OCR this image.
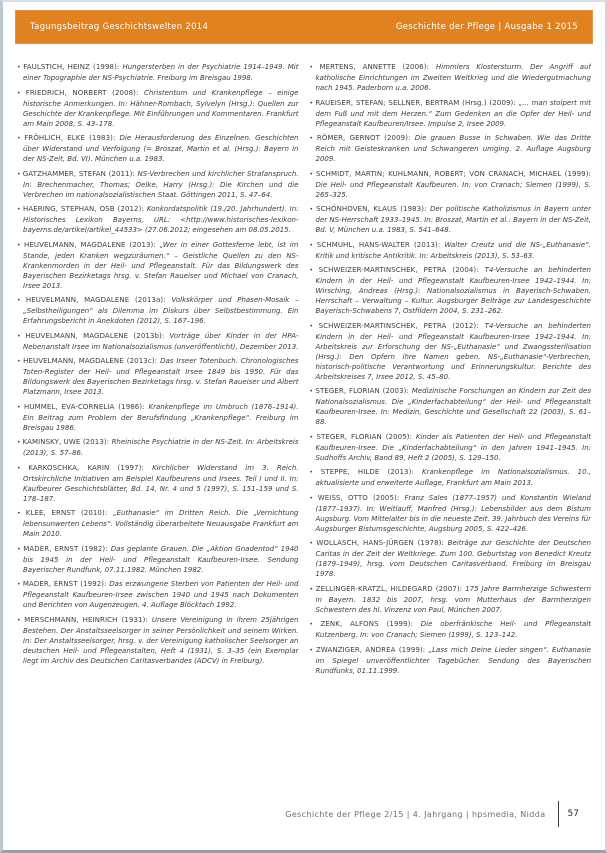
Tagungsbeitrag Geschichtswelten 2014	Geschichte der Pflege | Ausgabe 1 2015
• FAULSTICH, HEINZ (1998): Hungersterben in der Psychiatrie 1914–1949. Mit einer Topographie der NS-Psychiatrie. Freiburg im Breisgau 1998.
• FRIEDRICH, NORBERT (2008): Christentum und Krankenpflege – einige historische Anmerkungen. In: Hähner-Rombach, Sylvelyn (Hrsg.): Quellen zur Geschichte der Krankenpflege. Mit Einführungen und Kommentaren. Frankfurt am Main 2008, S. 43–178.
• FRÖHLICH, ELKE (1983): Die Herausforderung des Einzelnen. Geschichten über Widerstand und Verfolgung (= Broszat, Martin et al. (Hrsg.): Bayern in der NS-Zeit, Bd. VI). München u.a. 1983.
• GATZHAMMER, STEFAN (2011): NS-Verbrechen und kirchlicher Strafanspruch. In: Brechenmacher, Thomas; Oelke, Harry (Hrsg.): Die Kirchen und die Verbrechen im nationalsozialistischen Staat. Göttingen 2011, S. 47–64.
• HAERING, STEPHAN, OSB (2012): Konkordatspolitik (19./20. Jahrhundert). In: Historisches Lexikon Bayerns, URL: <http://www.historisches-lexikon-bayerns.de/artikel/artikel_44533> (27.06.2012; eingesehen am 08.05.2015.
• HEUVELMANN, MAGDALENE (2013): „Wer in einer Gottesferne lebt, ist im Stande, jeden Kranken wegzuräumen.“ – Geistliche Quellen zu den NS-Krankenmorden in der Heil- und Pflegeanstalt. Für das Bildungswerk des Bayerischen Bezirketags hrsg. v. Stefan Raueiser und Michael von Cranach, Irsee 2013.
• HEUVELMANN, MAGDALENE (2013a): Volkskörper und Phasen-Mosaik – „Selbstheiligungen“ als Dilemma im Diskurs über Selbstbestimmung. Ein Erfahrungsbericht in Anekdoten (2012), S. 167–196.
• HEUVELMANN, MAGDALENE (2013b): Vorträge über Kinder in der HPA-Nebenanstalt Irsee im Nationalsozialismus (unveröffentlicht), Dezember 2013.
• HEUVELMANN, MAGDALENE (2013c): Das Irseer Totenbuch. Chronologisches Toten-Register der Heil- und Pflegeanstalt Irsee 1849 bis 1950. Für das Bildungswerk des Bayerischen Bezirketags hrsg. v. Stefan Raueiser und Albert Platzmann, Irsee 2013.
• HUMMEL, EVA-CORNELIA (1986): Krankenpflege im Umbruch (1876–1914). Ein Beitrag zum Problem der Berufsfindung „Krankenpflege“. Freiburg im Breisgau 1986.
• KAMINSKY, UWE (2013): Rheinische Psychiatrie in der NS-Zeit. In: Arbeitskreis (2013), S. 57–86.
• KARKOSCHKA, KARIN (1997): Kirchlicher Widerstand im 3. Reich. Ortskirchliche Initiativen am Beispiel Kaufbeurens und Irsees. Teil I und II. In: Kaufbeurer Geschichtsblätter, Bd. 14, Nr. 4 und 5 (1997), S. 151–159 und S. 178–187.
• KLEE, ERNST (2010): „Euthanasie“ im Dritten Reich. Die „Vernichtung lebensunwerten Lebens“. Vollständig überarbeitete Neuausgabe Frankfurt am Main 2010.
• MADER, ERNST (1982): Das geplante Grauen. Die „Aktion Gnadentod“ 1940 bis 1945 in der Heil- und Pflegeanstalt Kaufbeuren-Irsee. Sendung Bayerischer Rundfunk, 07.11.1982. München 1982.
• MADER, ERNST (1992): Das erzwungene Sterben von Patienten der Heil- und Pflegeanstalt Kaufbeuren-Irsee zwischen 1940 und 1945 nach Dokumenten und Berichten von Augenzeugen. 4. Auflage Blöcktach 1992.
• MERSCHMANN, HEINRICH (1931): Unsere Vereinigung in ihrem 25jährigen Bestehen. Der Anstaltsseelsorger in seiner Persönlichkeit und seinem Wirken. In: Der Anstaltsseelsorger, hrsg. v. der Vereinigung katholischer Seelsorger an deutschen Heil- und Pflegeanstalten, Heft 4 (1931), S. 3–35 (ein Exemplar liegt im Archiv des Deutschen Caritasverbandes (ADCV) in Freiburg).
• MERTENS, ANNETTE (2006): Himmlers Klostersturm. Der Angriff auf katholische Einrichtungen im Zweiten Weltkrieg und die Wiedergutmachung nach 1945. Paderborn u.a. 2006.
• RAUEISER, STEFAN; SELLNER, BERTRAM (Hrsg.) (2009): „... man stolpert mit dem Fuß und mit dem Herzen.“ Zum Gedenken an die Opfer der Heil- und Pflegeanstalt Kaufbeuren/Irsee. Impulse 2, Irsee 2009.
• RÖMER, GERNOT (2009): Die grauen Busse in Schwaben. Wie das Dritte Reich mit Geisteskranken und Schwangeren umging. 2. Auflage Augsburg 2009.
• SCHMIDT, MARTIN; KUHLMANN, ROBERT; VON CRANACH, MICHAEL (1999): Die Heil- und Pflegeanstalt Kaufbeuren. In: von Cranach; Siemen (1999), S. 265–325.
• SCHÖNHOVEN, KLAUS (1983): Der politische Katholizismus in Bayern unter der NS-Herrschaft 1933–1945. In: Broszat, Martin et al.: Bayern in der NS-Zeit, Bd. V, München u.a. 1983, S. 541–648.
• SCHMUHL, HANS-WALTER (2013): Walter Creutz und die NS-„Euthanasie“. Kritik und kritische Antikritik. In: Arbeitskreis (2013), S. 53–63.
• SCHWEIZER-MARTINSCHEK, PETRA (2004): T4-Versuche an behinderten Kindern in der Heil- und Pflegeanstalt Kaufbeuren-Irsee 1942–1944. In: Wirsching, Andreas (Hrsg.): Nationalsozialismus in Bayerisch-Schwaben. Herrschaft – Verwaltung – Kultur. Augsburger Beiträge zur Landesgeschichte Bayerisch-Schwabens 7, Ostfildern 2004, S. 231–262.
• SCHWEIZER-MARTINSCHEK, PETRA (2012): T4-Versuche an behinderten Kindern in der Heil- und Pflegeanstalt Kaufbeuren-Irsee 1942–1944. In: Arbeitskreis zur Erforschung der NS-„Euthanasie“ und Zwangssterilisation (Hrsg.): Den Opfern ihre Namen geben. NS-„Euthanasie“-Verbrechen, historisch-politische Verantwortung und Erinnerungskultur. Berichte des Arbeitskreises 7, Irsee 2012, S. 45–80.
• STEGER, FLORIAN (2003): Medizinische Forschungen an Kindern zur Zeit des Nationalsozialismus. Die „Kinderfachabteilung“ der Heil- und Pflegeanstalt Kaufbeuren-Irsee. In: Medizin, Geschichte und Gesellschaft 22 (2003), S. 61–88.
• STEGER, FLORIAN (2005): Kinder als Patienten der Heil- und Pflegeanstalt Kaufbeuren-Irsee. Die „Kinderfachabteilung“ in den Jahren 1941–1945. In: Sudhoffs Archiv, Band 89, Heft 2 (2005), S. 129–150.
• STEPPE, HILDE (2013): Krankenpflege im Nationalsozialismus. 10., aktualisierte und erweiterte Auflage, Frankfurt am Main 2013.
• WEISS, OTTO (2005): Franz Sales (1877–1957) und Konstantin Wieland (1877–1937). In: Weitlauff, Manfred (Hrsg.): Lebensbilder aus dem Bistum Augsburg. Vom Mittelalter bis in die neueste Zeit. 39. Jahrbuch des Vereins für Augsburger Bistumsgeschichte, Augsburg 2005, S. 422–426.
• WOLLASCH, HANS-JÜRGEN (1978): Beiträge zur Geschichte der Deutschen Caritas in der Zeit der Weltkriege. Zum 100. Geburtstag von Benedict Kreutz (1879–1949), hrsg. vom Deutschen Caritasverband. Freiburg im Breisgau 1978.
• ZELLINGER-KRATZL, HILDEGARD (2007): 175 Jahre Barmherzige Schwestern in Bayern. 1832 bis 2007, hrsg. vom Mutterhaus der Barmherzigen Schwestern des hl. Vinzenz von Paul, München 2007.
• ZENK, ALFONS (1999): Die oberfränkische Heil- und Pflegeanstalt Kutzenberg. In: von Cranach; Siemen (1999), S. 123–142.
• ZWANZIGER, ANDREA (1999): „Lass mich Deine Lieder singen“. Euthanasie im Spiegel unveröffentlichter Tagebücher. Sendung des Bayerischen Rundfunks, 01.11.1999.
Geschichte der Pflege 2/15 | 4. Jahrgang | hpsmedia, Nidda 57
